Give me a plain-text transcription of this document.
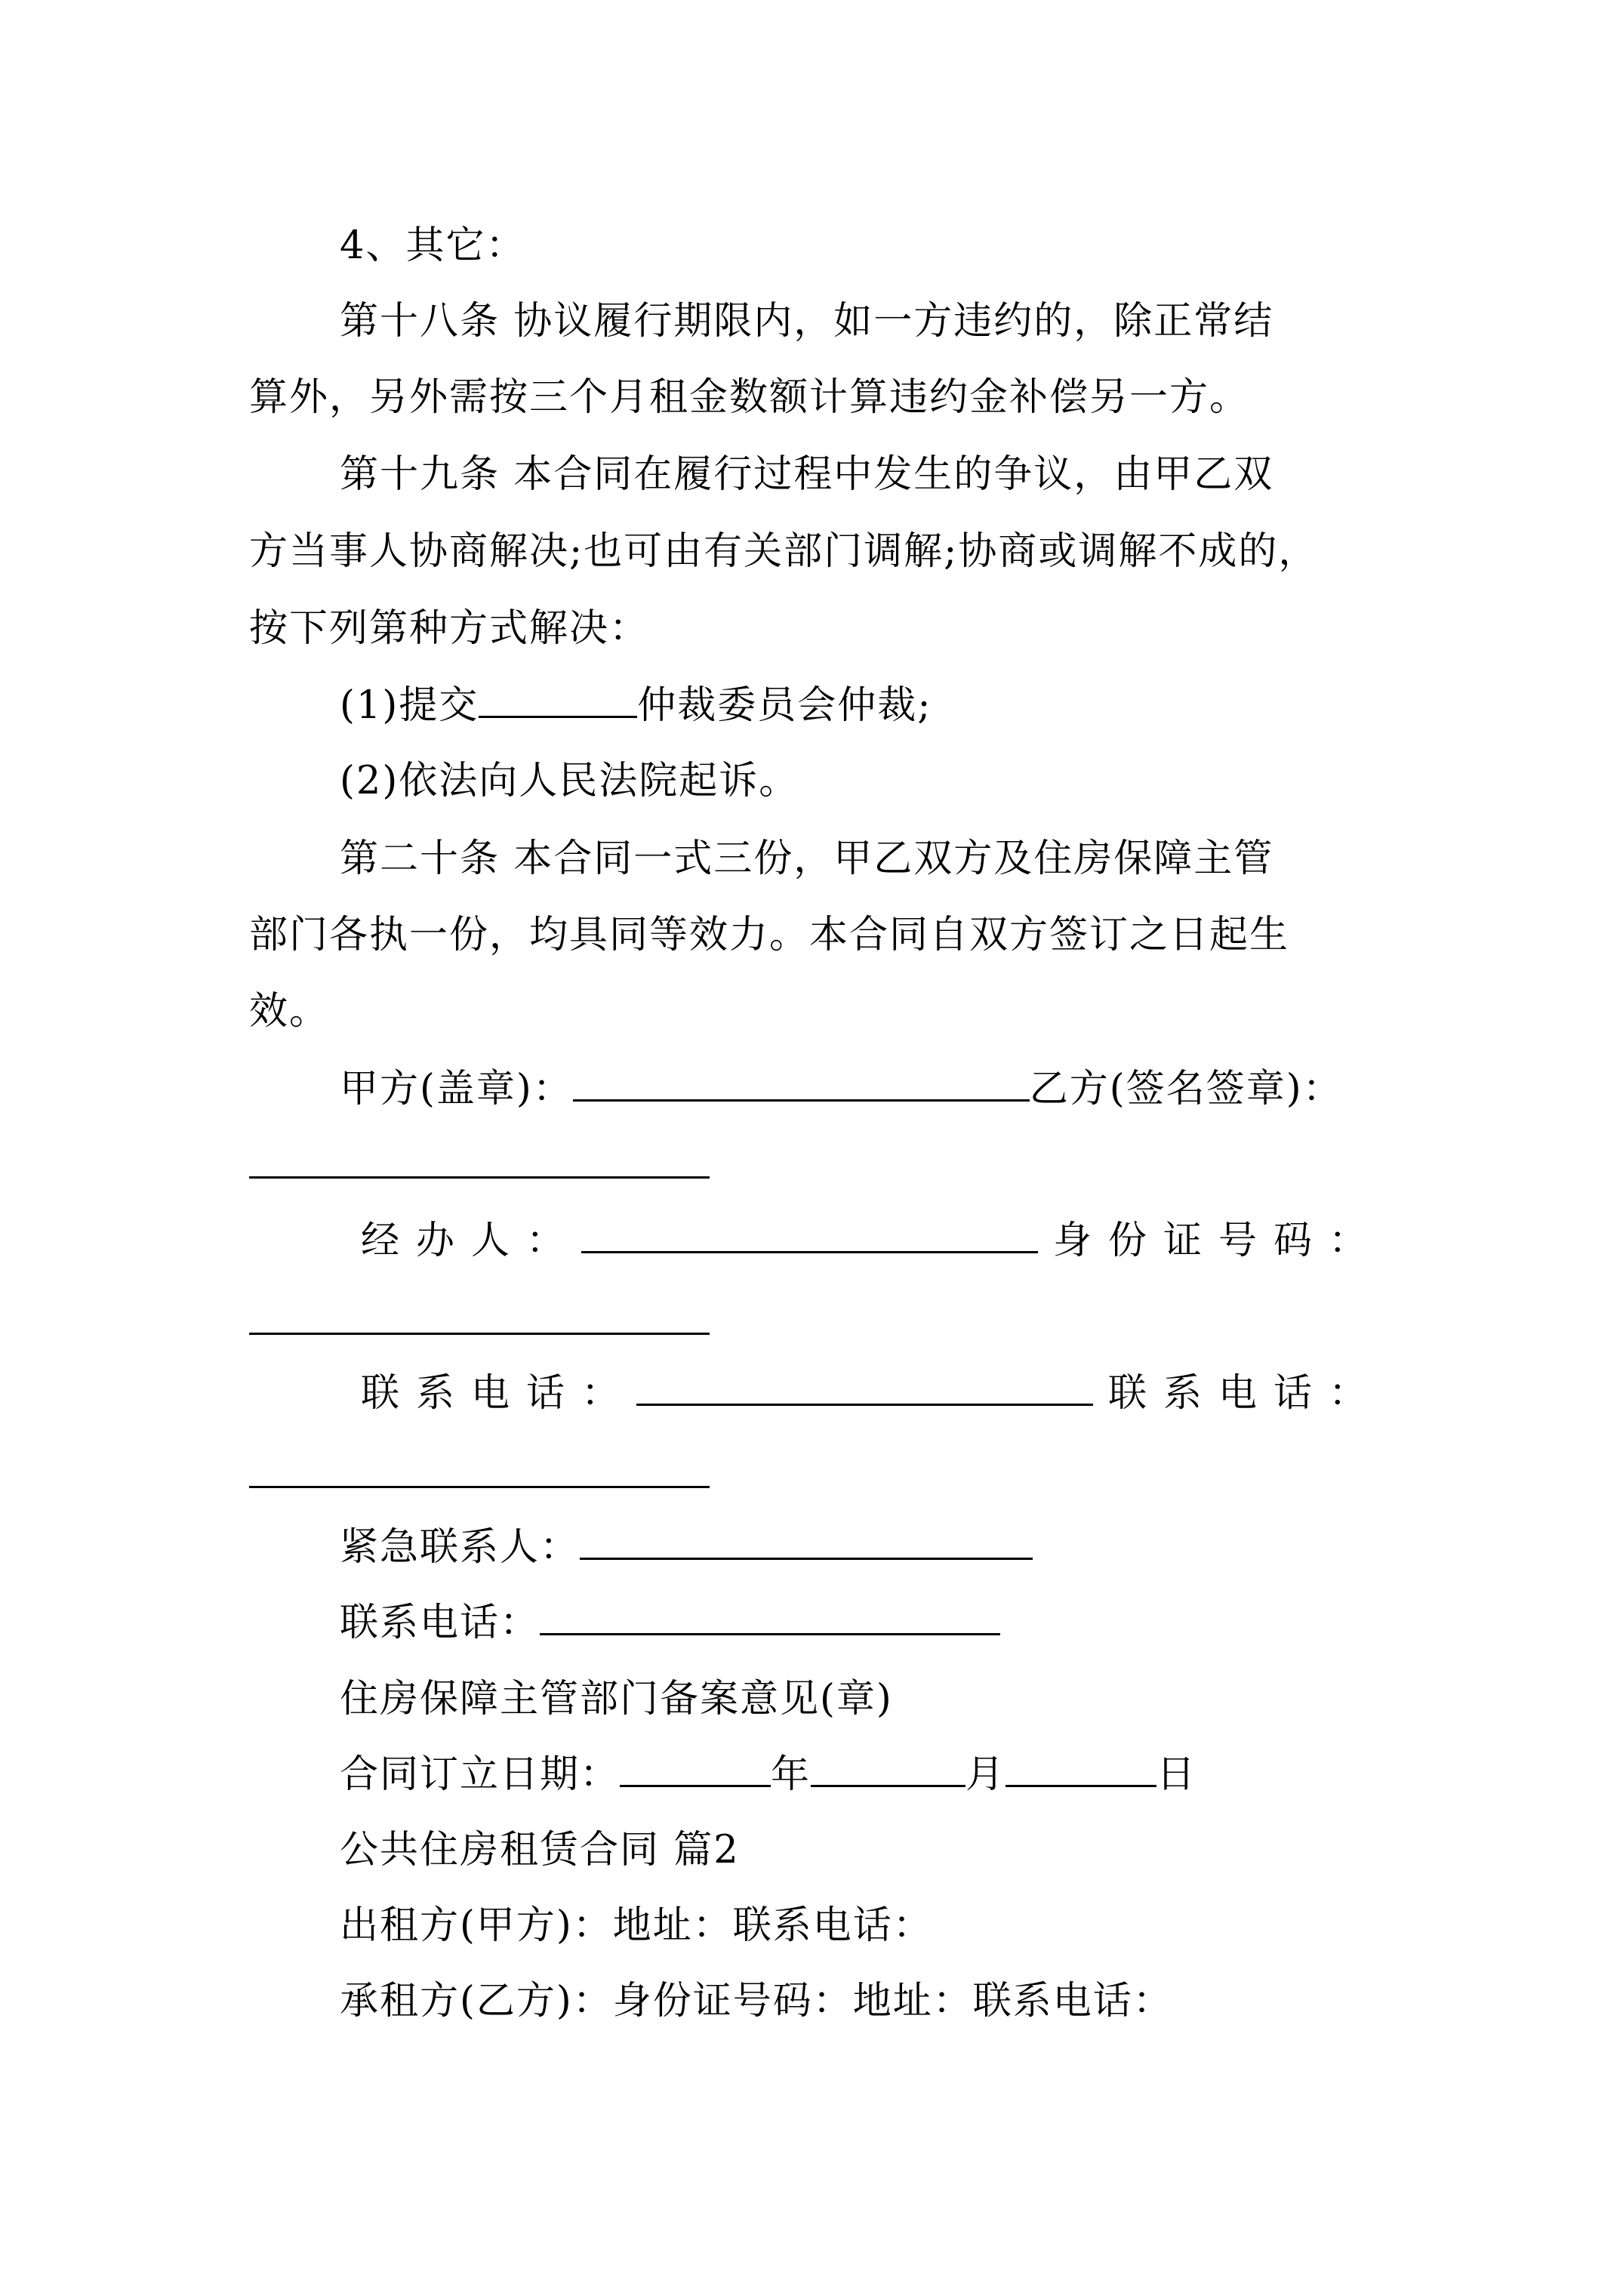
4、其它：
第十八条 协议履行期限内，如一方违约的，除正常结
算外，另外需按三个月租金数额计算违约金补偿另一方。
第十九条 本合同在履行过程中发生的争议，由甲乙双
方当事人协商解决;也可由有关部门调解;协商或调解不成的，
按下列第种方式解决：
(1)提交	仲裁委员会仲裁;
(2)依法向人民法院起诉。
第二十条 本合同一式三份，甲乙双方及住房保障主管
部门各执一份，均具同等效力。本合同自双方签订之日起生
效。
甲方(盖章)：	乙方(签名签章)：
经办人：	身份证号码：
联系电话：	联系电话：
紧急联系人：
联系电话：
住房保障主管部门备案意见(章)
合同订立日期：	年	月	日
公共住房租赁合同 篇2
出租方(甲方)：地址：联系电话：
承租方(乙方)：身份证号码：地址：联系电话：
